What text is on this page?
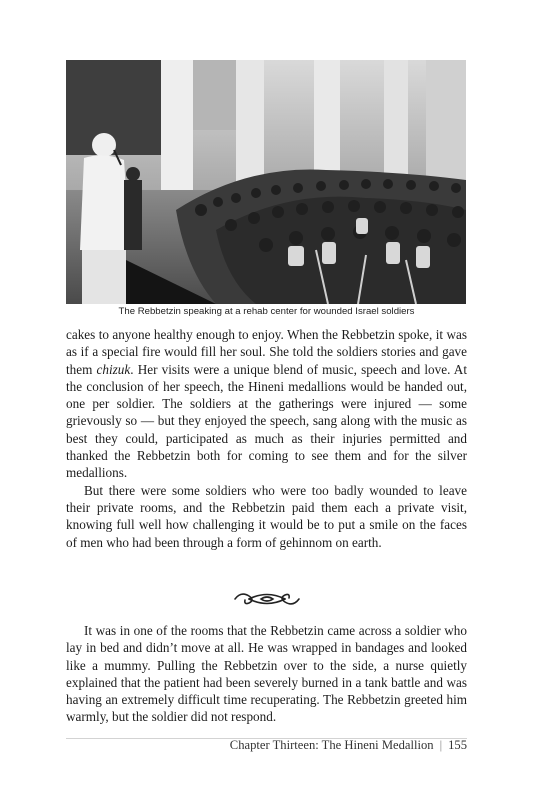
The Rebbetzin speaking at a rehab center for wounded Israel soldiers

cakes to anyone healthy enough to enjoy. When the Rebbetzin spoke, it was as if a special fire would fill her soul. She told the soldiers stories and gave them chizuk. Her visits were a unique blend of music, speech and love. At the conclusion of her speech, the Hineni medallions would be handed out, one per soldier. The soldiers at the gatherings were injured — some grievously so — but they enjoyed the speech, sang along with the music as best they could, participated as much as their injuries permitted and thanked the Rebbetzin both for coming to see them and for the silver medallions.

But there were some soldiers who were too badly wounded to leave their private rooms, and the Rebbetzin paid them each a private visit, knowing full well how challenging it would be to put a smile on the faces of men who had been through a form of gehinnom on earth.

It was in one of the rooms that the Rebbetzin came across a soldier who lay in bed and didn’t move at all. He was wrapped in bandages and looked like a mummy. Pulling the Rebbetzin over to the side, a nurse quietly explained that the patient had been severely burned in a tank battle and was having an extremely difficult time recuperating. The Rebbetzin greeted him warmly, but the soldier did not respond.

Chapter Thirteen: The Hineni Medallion | 155
